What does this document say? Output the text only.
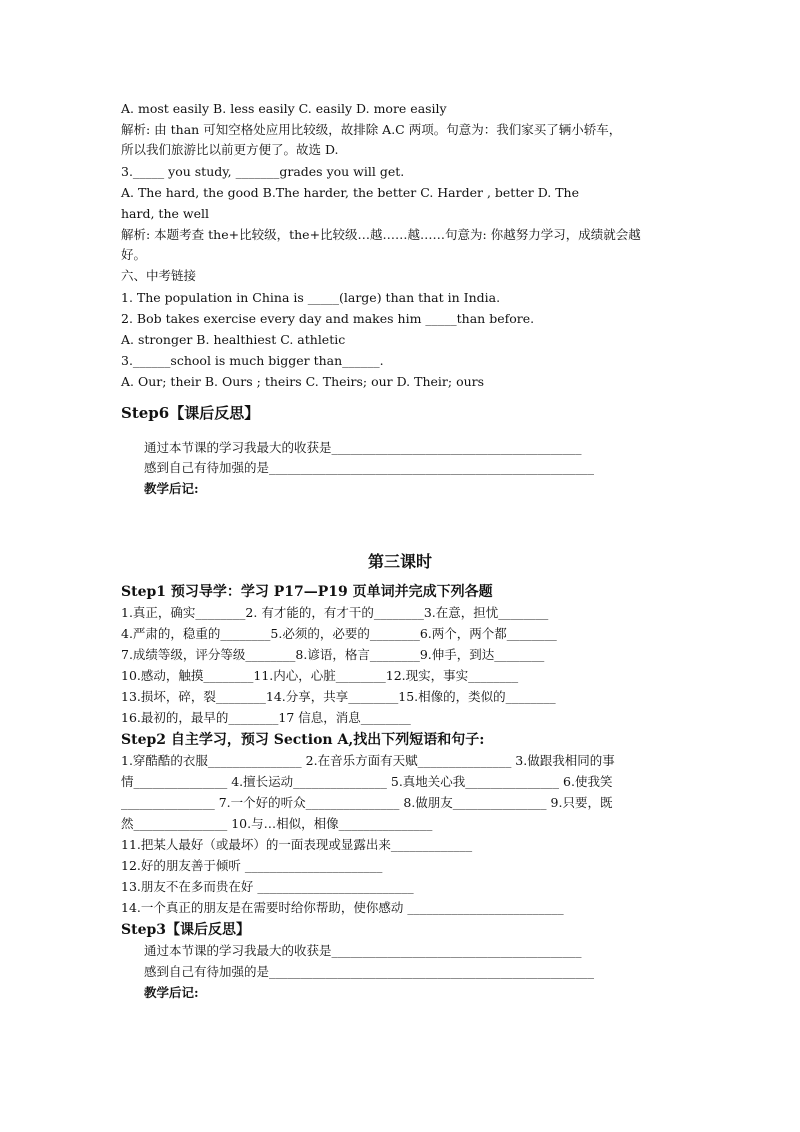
A. most easily B. less easily C. easily D. more easily
解析: 由 than 可知空格处应用比较级，故排除 A.C 两项。句意为：我们家买了辆小轿车，
所以我们旅游比以前更方便了。故选 D.
3._____ you study, _______grades you will get.
A. The hard, the good B.The harder, the better C. Harder , better D. The
hard, the well
解析: 本题考查 the+比较级，the+比较级…越……越……句意为: 你越努力学习，成绩就会越
好。
六、中考链接
1. The population in China is _____(large) than that in India.
2. Bob takes exercise every day and makes him _____than before.
A. stronger B. healthiest C. athletic
3.______school is much bigger than______.
A. Our; their B. Ours ; theirs C. Theirs; our D. Their; ours
Step6【课后反思】
通过本节课的学习我最大的收获是________________________________________
感到自己有待加强的是____________________________________________________
教学后记:
第三课时
Step1 预习导学：学习 P17—P19 页单词并完成下列各题
1.真正，确实________2. 有才能的，有才干的________3.在意，担忧________
4.严肃的，稳重的________5.必须的，必要的________6.两个，两个都________
7.成绩等级，评分等级________8.谚语，格言________9.伸手，到达________
10.感动，触摸________11.内心，心脏________12.现实，事实________
13.损坏，碎，裂________14.分享，共享________15.相像的，类似的________
16.最初的，最早的________17 信息，消息________
Step2 自主学习，预习 Section A,找出下列短语和句子:
1.穿酷酷的衣服_______________ 2.在音乐方面有天赋_______________ 3.做跟我相同的事
情_______________ 4.擅长运动_______________ 5.真地关心我_______________ 6.使我笑
_______________ 7.一个好的听众_______________ 8.做朋友_______________ 9.只要，既
然_______________ 10.与…相似，相像_______________
11.把某人最好（或最坏）的一面表现或显露出来_____________
12.好的朋友善于倾听 ______________________
13.朋友不在多而贵在好 _________________________
14.一个真正的朋友是在需要时给你帮助，使你感动 _________________________
Step3【课后反思】
通过本节课的学习我最大的收获是________________________________________
感到自己有待加强的是____________________________________________________
教学后记:
